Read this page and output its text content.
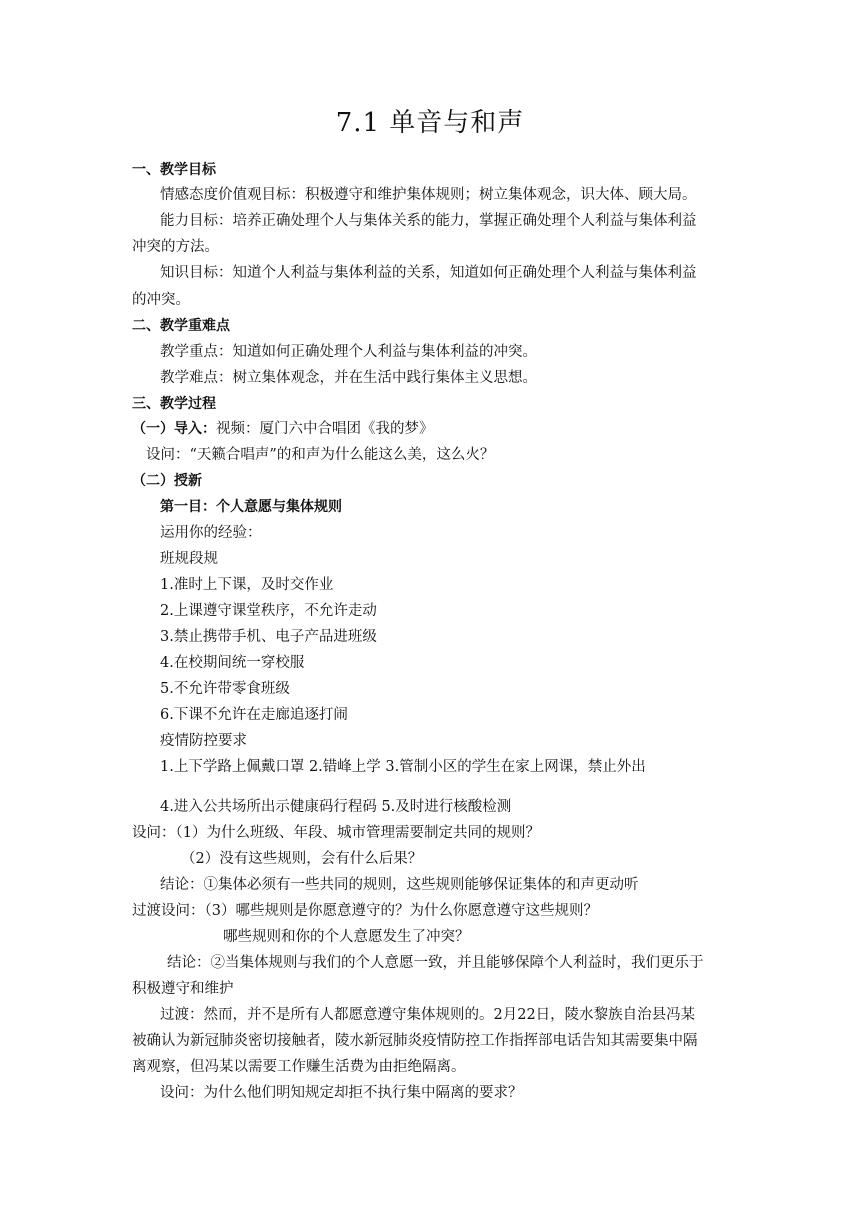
7.1 单音与和声
一、教学目标
情感态度价值观目标：积极遵守和维护集体规则；树立集体观念，识大体、顾大局。
能力目标：培养正确处理个人与集体关系的能力，掌握正确处理个人利益与集体利益
冲突的方法。
知识目标：知道个人利益与集体利益的关系，知道如何正确处理个人利益与集体利益
的冲突。
二、教学重难点
教学重点：知道如何正确处理个人利益与集体利益的冲突。
教学难点：树立集体观念，并在生活中践行集体主义思想。
三、教学过程
（一）导入：视频：厦门六中合唱团《我的梦》
设问：“天籁合唱声”的和声为什么能这么美，这么火？
（二）授新
第一目：个人意愿与集体规则
运用你的经验：
班规段规
1.准时上下课，及时交作业
2.上课遵守课堂秩序，不允许走动
3.禁止携带手机、电子产品进班级
4.在校期间统一穿校服
5.不允许带零食班级
6.下课不允许在走廊追逐打闹
疫情防控要求
1.上下学路上佩戴口罩 2.错峰上学 3.管制小区的学生在家上网课，禁止外出
4.进入公共场所出示健康码行程码 5.及时进行核酸检测
设问：（1）为什么班级、年段、城市管理需要制定共同的规则？
（2）没有这些规则，会有什么后果？
结论：①集体必须有一些共同的规则，这些规则能够保证集体的和声更动听
过渡设问：（3）哪些规则是你愿意遵守的？为什么你愿意遵守这些规则？
哪些规则和你的个人意愿发生了冲突？
结论：②当集体规则与我们的个人意愿一致，并且能够保障个人利益时，我们更乐于
积极遵守和维护
过渡：然而，并不是所有人都愿意遵守集体规则的。2月22日，陵水黎族自治县冯某
被确认为新冠肺炎密切接触者，陵水新冠肺炎疫情防控工作指挥部电话告知其需要集中隔
离观察，但冯某以需要工作赚生活费为由拒绝隔离。
设问：为什么他们明知规定却拒不执行集中隔离的要求？
